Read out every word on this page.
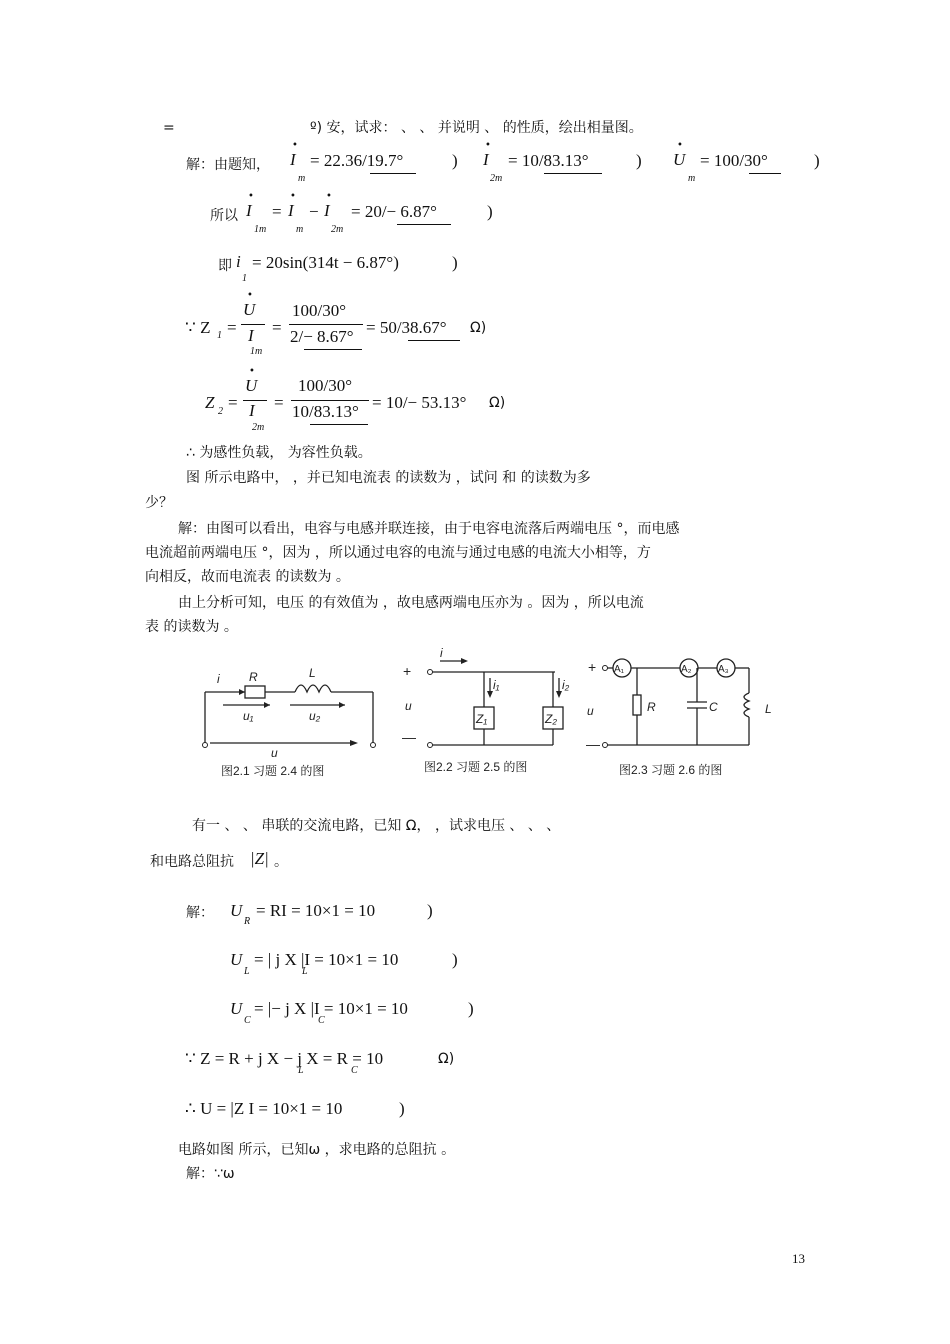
=	º) 安，试求： 、 、 并说明 、 的性质，绘出相量图。
解：由题知， I
•
m
= 22.36/19.7°	) I
•
2m
= 10/83.13°	) U
•
m
= 100/30°	)
所以 I
•
1m
= I
•
m
− I
•
2m
= 20/− 6.87°	)
即 i
1
= 20sin(314t − 6.87°)	)
∵ Z 1 =
U
•
I
1m
=
100/30°
2/− 8.67° = 50/38.67° Ω)
Z 2 =
U
•
I
2m
=
100/30°
10/83.13° = 10/− 53.13° Ω)
∴ 为感性负载， 为容性负载。
图 所示电路中， ，并已知电流表 的读数为 ，试问 和 的读数为多
少？
解：由图可以看出，电容与电感并联连接，由于电容电流落后两端电压 °，而电感
电流超前两端电压 °，因为 ，所以通过电容的电流与通过电感的电流大小相等，方
向相反，故而电流表 的读数为 。
由上分析可知，电压 的有效值为 ，故电感两端电压亦为 。因为 ，所以电流
表 的读数为 。
i R	L
u₁	u₂
u
i
i₁	i₂
Z₁	Z₂
u
A₁	A₂	A₃
R	C	L
u
+
—
+
—
图2.1 习题 2.4 的图	图2.2 习题 2.5 的图	图2.3 习题 2.6 的图
有一 、 、 串联的交流电路，已知 Ω， ，试求电压 、 、 、
和电路总阻抗 |Z| 。
解： U
R
= RI = 10×1 = 10	)
U
L
= | j X |I = 10×1 = 10
L
)
U
C
= |− j X |I = 10×1 = 10
C
)
∵ Z = R + j X − j X = R = 10
L	C
Ω)
∴ U = |Z I = 10×1 = 10	)
电路如图 所示，已知ω ，求电路的总阻抗 。
解：∵ω
13
